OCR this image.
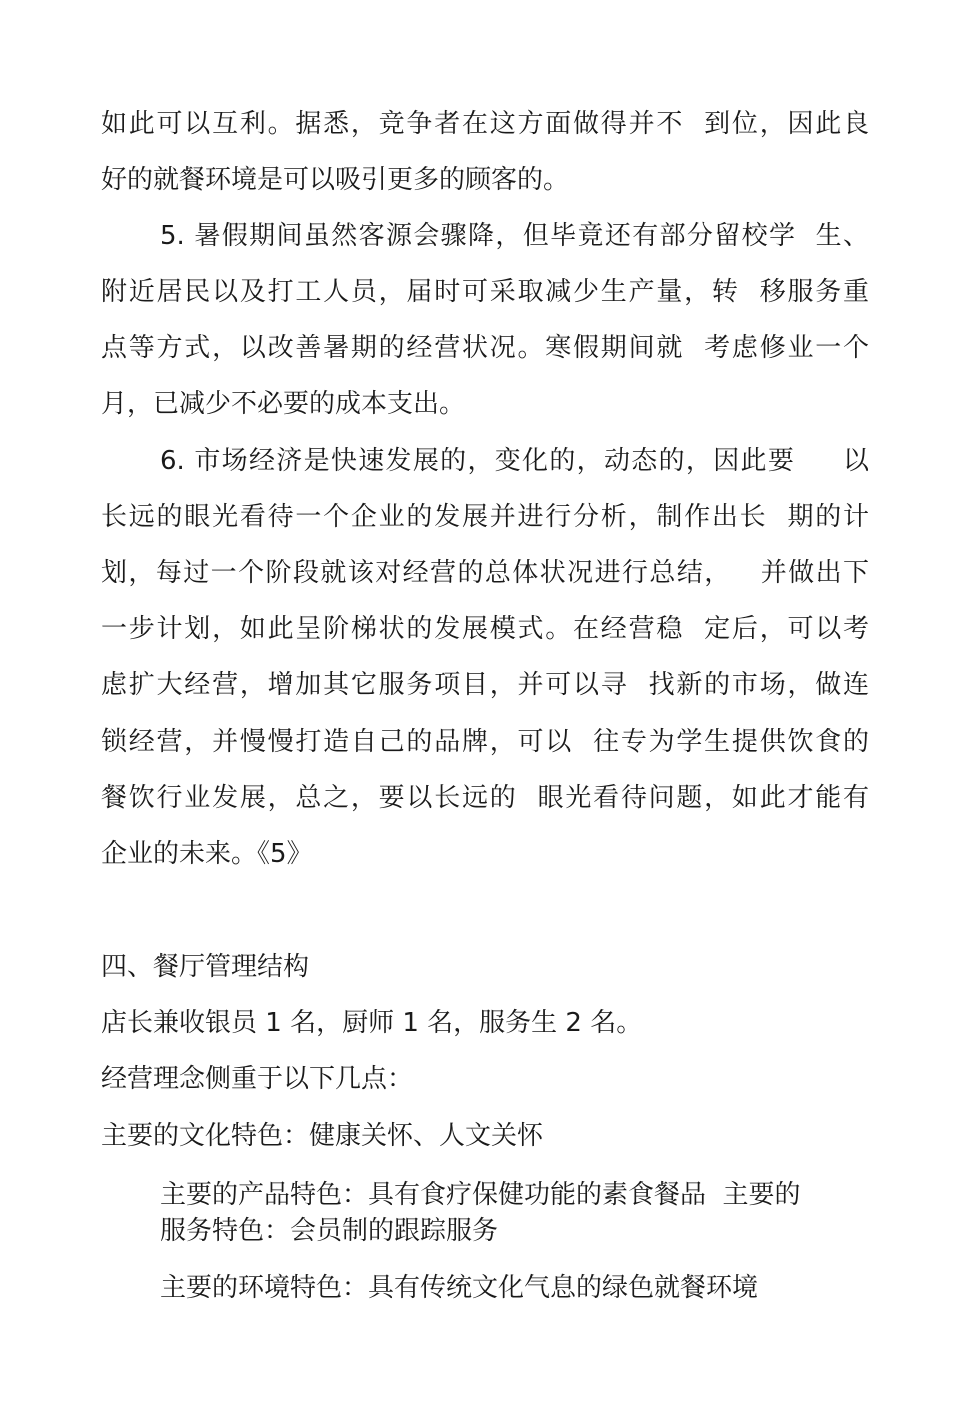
如此可以互利。据悉，竞争者在这方面做得并不  到位，因此良
好的就餐环境是可以吸引更多的顾客的。
5. 暑假期间虽然客源会骤降，但毕竟还有部分留校学  生、
附近居民以及打工人员，届时可采取减少生产量，转  移服务重
点等方式，以改善暑期的经营状况。寒假期间就  考虑修业一个
月，已减少不必要的成本支出。
6. 市场经济是快速发展的，变化的，动态的，因此要     以
长远的眼光看待一个企业的发展并进行分析，制作出长  期的计
划，每过一个阶段就该对经营的总体状况进行总结，   并做出下
一步计划，如此呈阶梯状的发展模式。在经营稳  定后，可以考
虑扩大经营，增加其它服务项目，并可以寻  找新的市场，做连
锁经营，并慢慢打造自己的品牌，可以  往专为学生提供饮食的
餐饮行业发展，总之，要以长远的  眼光看待问题，如此才能有
企业的未来。《5》
四、餐厅管理结构
店长兼收银员 1 名，厨师 1 名，服务生 2 名。
经营理念侧重于以下几点：
主要的文化特色：健康关怀、人文关怀
主要的产品特色：具有食疗保健功能的素食餐品  主要的
服务特色：会员制的跟踪服务
主要的环境特色：具有传统文化气息的绿色就餐环境
